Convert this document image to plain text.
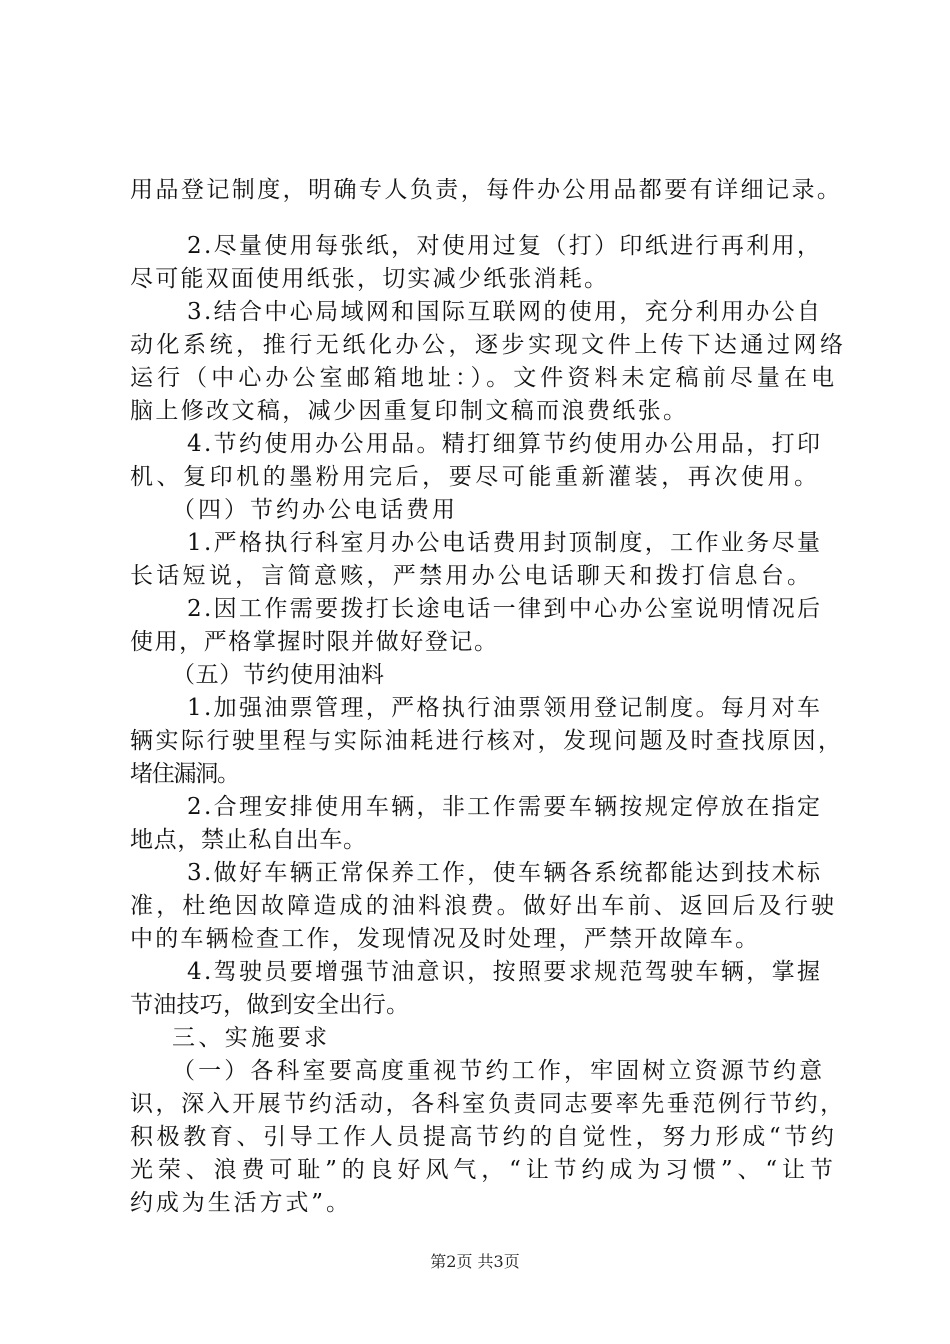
用品登记制度，明确专人负责，每件办公用品都要有详细记录。
2.尽量使用每张纸，对使用过复（打）印纸进行再利用，
尽可能双面使用纸张，切实减少纸张消耗。
3.结合中心局域网和国际互联网的使用，充分利用办公自
动化系统，推行无纸化办公，逐步实现文件上传下达通过网络
运行（中心办公室邮箱地址：）。文件资料未定稿前尽量在电
脑上修改文稿，减少因重复印制文稿而浪费纸张。
4.节约使用办公用品。精打细算节约使用办公用品，打印
机、复印机的墨粉用完后，要尽可能重新灌装，再次使用。
（四）节约办公电话费用
1.严格执行科室月办公电话费用封顶制度，工作业务尽量
长话短说，言简意赅，严禁用办公电话聊天和拨打信息台。
2.因工作需要拨打长途电话一律到中心办公室说明情况后
使用，严格掌握时限并做好登记。
（五）节约使用油料
1.加强油票管理，严格执行油票领用登记制度。每月对车
辆实际行驶里程与实际油耗进行核对，发现问题及时查找原因，
堵住漏洞。
2.合理安排使用车辆，非工作需要车辆按规定停放在指定
地点，禁止私自出车。
3.做好车辆正常保养工作，使车辆各系统都能达到技术标
准，杜绝因故障造成的油料浪费。做好出车前、返回后及行驶
中的车辆检查工作，发现情况及时处理，严禁开故障车。
4.驾驶员要增强节油意识，按照要求规范驾驶车辆，掌握
节油技巧，做到安全出行。
三、实施要求
（一）各科室要高度重视节约工作，牢固树立资源节约意
识，深入开展节约活动，各科室负责同志要率先垂范例行节约，
积极教育、引导工作人员提高节约的自觉性，努力形成“节约
光荣、浪费可耻”的良好风气，“让节约成为习惯”、“让节
约成为生活方式”。
第2页 共3页
